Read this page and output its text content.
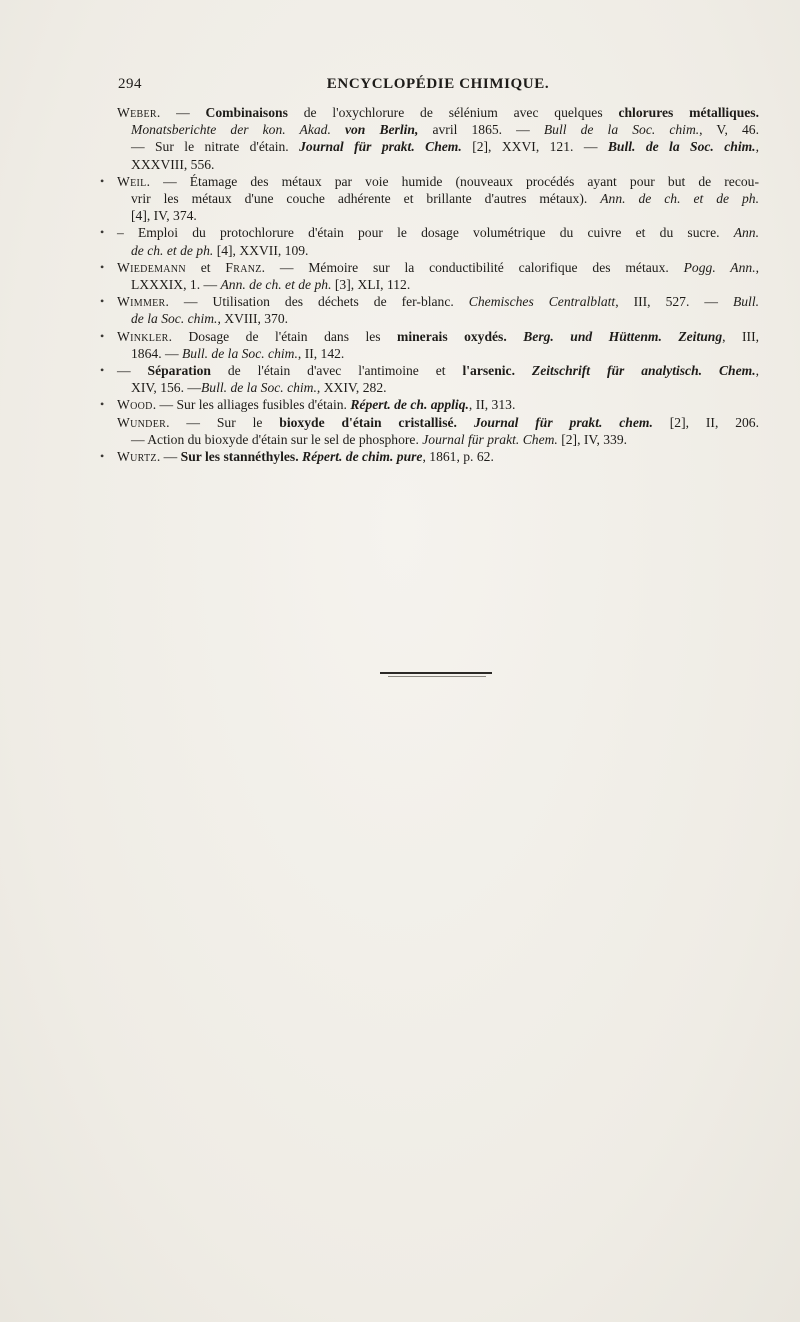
294	ENCYCLOPÉDIE CHIMIQUE.
Weber. — Combinaisons de l'oxychlorure de sélénium avec quelques chlorures métalliques.
Monatsberichte der kon. Akad. von Berlin, avril 1865. — Bull de la Soc. chim., V, 46.
— Sur le nitrate d'étain. Journal für prakt. Chem. [2], XXVI, 121. — Bull. de la Soc. chim.,
XXXVIII, 556.
• Weil. — Étamage des métaux par voie humide (nouveaux procédés ayant pour but de recou-
vrir les métaux d'une couche adhérente et brillante d'autres métaux). Ann. de ch. et de ph.
[4], IV, 374.
• – Emploi du protochlorure d'étain pour le dosage volumétrique du cuivre et du sucre. Ann.
de ch. et de ph. [4], XXVII, 109.
• Wiedemann et Franz. — Mémoire sur la conductibilité calorifique des métaux. Pogg. Ann.,
LXXXIX, 1. — Ann. de ch. et de ph. [3], XLI, 112.
• Wimmer. — Utilisation des déchets de fer-blanc. Chemisches Centralblatt, III, 527. — Bull.
de la Soc. chim., XVIII, 370.
• Winkler. Dosage de l'étain dans les minerais oxydés. Berg. und Hüttenm. Zeitung, III,
1864. — Bull. de la Soc. chim., II, 142.
• — Séparation de l'étain d'avec l'antimoine et l'arsenic. Zeitschrift für analytisch. Chem.,
XIV, 156. —Bull. de la Soc. chim., XXIV, 282.
• Wood. — Sur les alliages fusibles d'étain. Répert. de ch. appliq., II, 313.
Wunder. — Sur le bioxyde d'étain cristallisé. Journal für prakt. chem. [2], II, 206.
— Action du bioxyde d'étain sur le sel de phosphore. Journal für prakt. Chem. [2], IV, 339.
• Wurtz. — Sur les stannéthyles. Répert. de chim. pure, 1861, p. 62.
